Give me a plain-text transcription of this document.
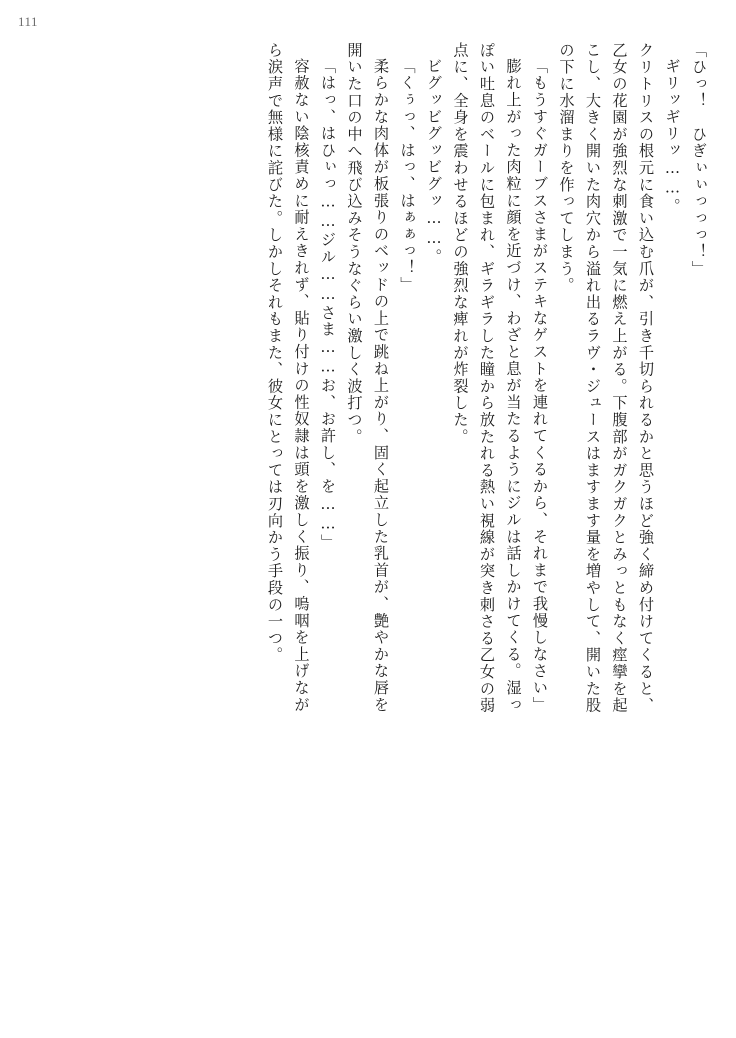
111
「ひっ！　ひぎぃぃっっっ！」
ギリッギリッ……。
クリトリスの根元に食い込む爪が、引き千切られるかと思うほど強く締め付けてくると、
乙女の花園が強烈な刺激で一気に燃え上がる。下腹部がガクガクとみっともなく痙攣を起
こし、大きく開いた肉穴から溢れ出るラヴ・ジュースはますます量を増やして、開いた股
の下に水溜まりを作ってしまう。
「もうすぐガーブスさまがステキなゲストを連れてくるから、それまで我慢しなさい」
膨れ上がった肉粒に顔を近づけ、わざと息が当たるようにジルは話しかけてくる。湿っ
ぽい吐息のベールに包まれ、ギラギラした瞳から放たれる熱い視線が突き刺さる乙女の弱
点に、全身を震わせるほどの強烈な痺れが炸裂した。
ビグッビグッビグッ……。
「くぅっ、はっ、はぁぁっ！」
柔らかな肉体が板張りのベッドの上で跳ね上がり、固く起立した乳首が、艶やかな唇を
開いた口の中へ飛び込みそうなぐらい激しく波打つ。
「はっ、はひぃっ……ジル……さま……お、お許し、を……」
容赦ない陰核責めに耐えきれず、貼り付けの性奴隷は頭を激しく振り、嗚咽を上げなが
ら涙声で無様に詫びた。しかしそれもまた、彼女にとっては刃向かう手段の一つ。
